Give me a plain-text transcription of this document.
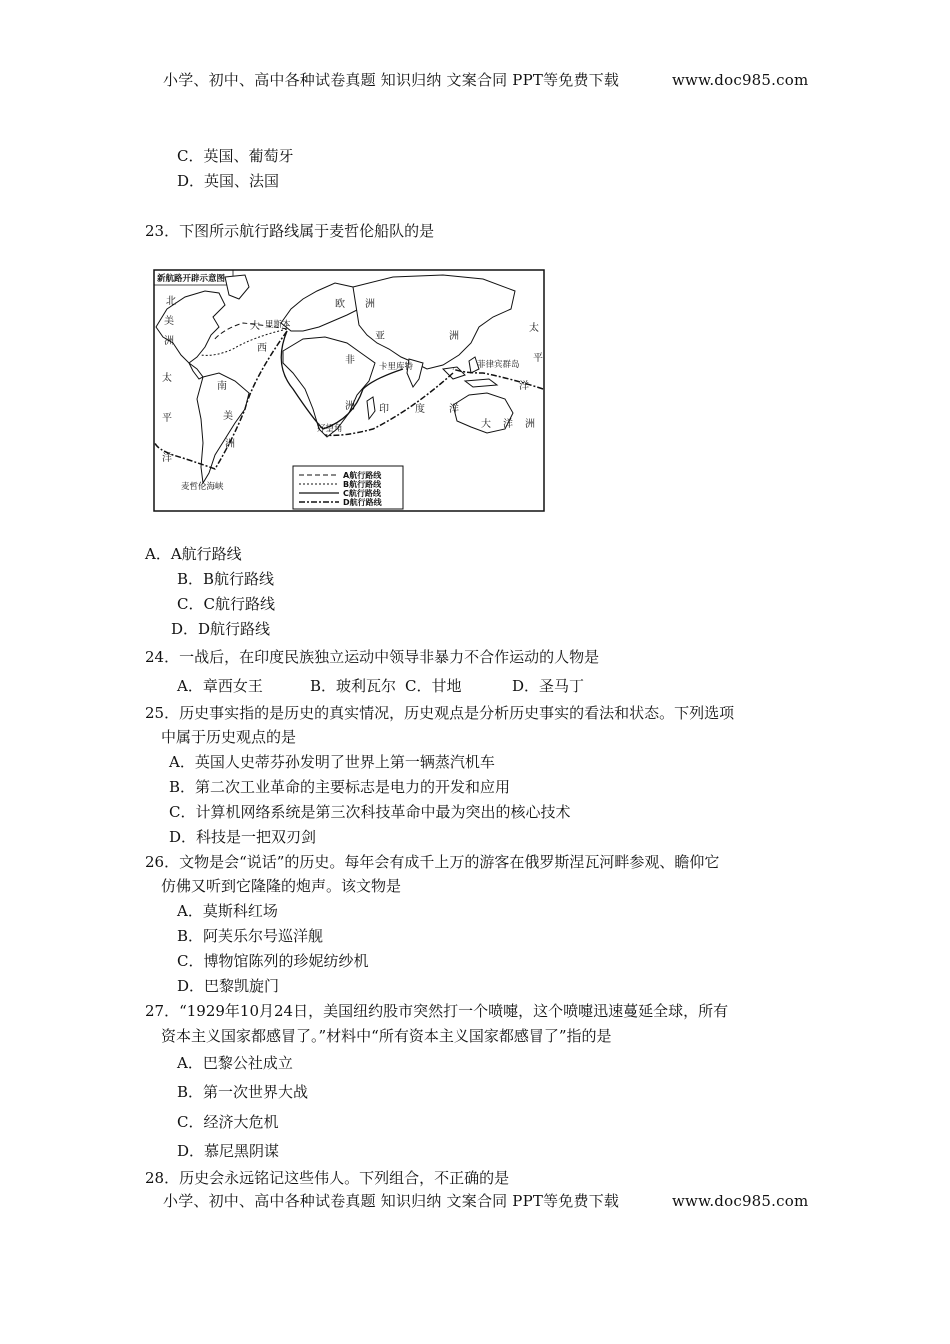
小学、初中、高中各种试卷真题 知识归纳 文案合同 PPT等免费下载	www.doc985.com
C．英国、葡萄牙
D．英国、法国
23．下图所示航行路线属于麦哲伦船队的是
新航路开辟示意图
北
美
洲
太
平
洋
大
西
里斯本
欧 洲
亚
非
洲
南
美
洲
卡里库特	菲律宾群岛
印	度 洋
洲
太
平
洋
大 洋 洲
好望角
麦哲伦海峡
A航行路线
B航行路线
C航行路线
D航行路线
A．A航行路线
B．B航行路线
C．C航行路线
D．D航行路线
24．一战后，在印度民族独立运动中领导非暴力不合作运动的人物是
A．章西女王	B．玻利瓦尔 C．甘地	D．圣马丁
25．历史事实指的是历史的真实情况，历史观点是分析历史事实的看法和状态。下列选项
中属于历史观点的是
A．英国人史蒂芬孙发明了世界上第一辆蒸汽机车
B．第二次工业革命的主要标志是电力的开发和应用
C．计算机网络系统是第三次科技革命中最为突出的核心技术
D．科技是一把双刃剑
26．文物是会“说话”的历史。每年会有成千上万的游客在俄罗斯涅瓦河畔参观、瞻仰它
仿佛又听到它隆隆的炮声。该文物是
A．莫斯科红场
B．阿芙乐尔号巡洋舰
C．博物馆陈列的珍妮纺纱机
D．巴黎凯旋门
27．“1929年10月24日，美国纽约股市突然打一个喷嚏，这个喷嚏迅速蔓延全球，所有
资本主义国家都感冒了。”材料中“所有资本主义国家都感冒了”指的是
A．巴黎公社成立
B．第一次世界大战
C．经济大危机
D．慕尼黑阴谋
28．历史会永远铭记这些伟人。下列组合，不正确的是
小学、初中、高中各种试卷真题 知识归纳 文案合同 PPT等免费下载	www.doc985.com
